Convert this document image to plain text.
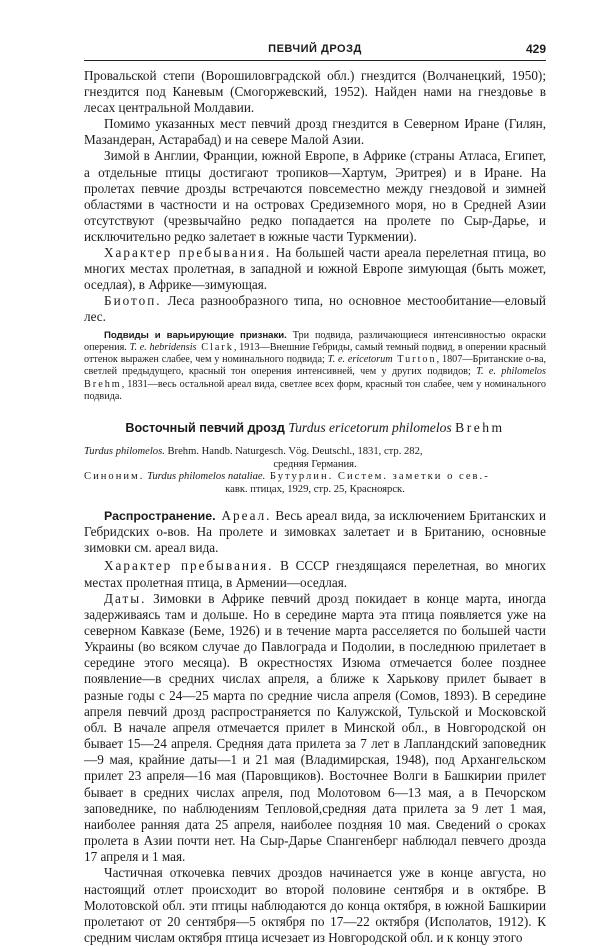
ПЕВЧИЙ ДРОЗД	429

Провальской степи (Ворошиловградской обл.) гнездится (Волчанецкий, 1950); гнездится под Каневым (Смогоржевский, 1952). Найден нами на гнездовье в лесах центральной Молдавии.

Помимо указанных мест певчий дрозд гнездится в Северном Иране (Гилян, Мазандеран, Астарабад) и на севере Малой Азии.

Зимой в Англии, Франции, южной Европе, в Африке (страны Атласа, Египет, а отдельные птицы достигают тропиков—Хартум, Эритрея) и в Иране. На пролетах певчие дрозды встречаются повсеместно между гнездовой и зимней областями в частности и на островах Средиземного моря, но в Средней Азии отсутствуют (чрезвычайно редко попадается на пролете по Сыр-Дарье, и исключительно редко залетает в южные части Туркмении).

Характер пребывания. На большей части ареала перелетная птица, во многих местах пролетная, в западной и южной Европе зимующая (быть может, оседлая), в Африке—зимующая.

Биотоп. Леса разнообразного типа, но основное местообитание—еловый лес.

Подвиды и варьирующие признаки. Три подвида, различающиеся интенсивностью окраски оперения. T. e. hebridensis Clark, 1913—Внешние Гебриды, самый темный подвид, в оперении красный оттенок выражен слабее, чем у номинального подвида; T. e. ericetorum Turton, 1807—Британские о-ва, светлей предыдущего, красный тон оперения интенсивней, чем у других подвидов; T. e. philomelos Brehm, 1831—весь остальной ареал вида, светлее всех форм, красный тон слабее, чем у номинального подвида.

Восточный певчий дрозд Turdus ericetorum philomelos Brehm

Turdus philomelos. Brehm. Handb. Naturgesch. Vög. Deutschl., 1831, стр. 282,

средняя Германия.

Синоним. Turdus philomelos nataliae. Бутурлин. Систем. заметки о сев.-

кавк. птицах, 1929, стр. 25, Красноярск.

Распространение. Ареал. Весь ареал вида, за исключением Британских и Гебридских о-вов. На пролете и зимовках залетает и в Британию, основные зимовки см. ареал вида.

Характер пребывания. В СССР гнездящаяся перелетная, во многих местах пролетная птица, в Армении—оседлая.

Даты. Зимовки в Африке певчий дрозд покидает в конце марта, иногда задерживаясь там и дольше. Но в середине марта эта птица появляется уже на северном Кавказе (Беме, 1926) и в течение марта расселяется по большей части Украины (во всяком случае до Павлограда и Подолии, в последнюю прилетает в середине этого месяца). В окрестностях Изюма отмечается более позднее появление—в средних числах апреля, а ближе к Харькову прилет бывает в разные годы с 24—25 марта по средние числа апреля (Сомов, 1893). В середине апреля певчий дрозд распространяется по Калужской, Тульской и Московской обл. В начале апреля отмечается прилет в Минской обл., в Новгородской он бывает 15—24 апреля. Средняя дата прилета за 7 лет в Лапландский заповедник—9 мая, крайние даты—1 и 21 мая (Владимирская, 1948), под Архангельском прилет 23 апреля—16 мая (Паровщиков). Восточнее Волги в Башкирии прилет бывает в средних числах апреля, под Молотовом 6—13 мая, а в Печорском заповеднике, по наблюдениям Тепловой,средняя дата прилета за 9 лет 1 мая, наиболее ранняя дата 25 апреля, наиболее поздняя 10 мая. Сведений о сроках пролета в Азии почти нет. На Сыр-Дарье Спангенберг наблюдал певчего дрозда 17 апреля и 1 мая.

Частичная откочевка певчих дроздов начинается уже в конце августа, но настоящий отлет происходит во второй половине сентября и в октябре. В Молотовской обл. эти птицы наблюдаются до конца октября, в южной Башкирии пролетают от 20 сентября—5 октября по 17—22 октября (Исполатов, 1912). К средним числам октября птица исчезает из Новгородской обл. и к концу этого
